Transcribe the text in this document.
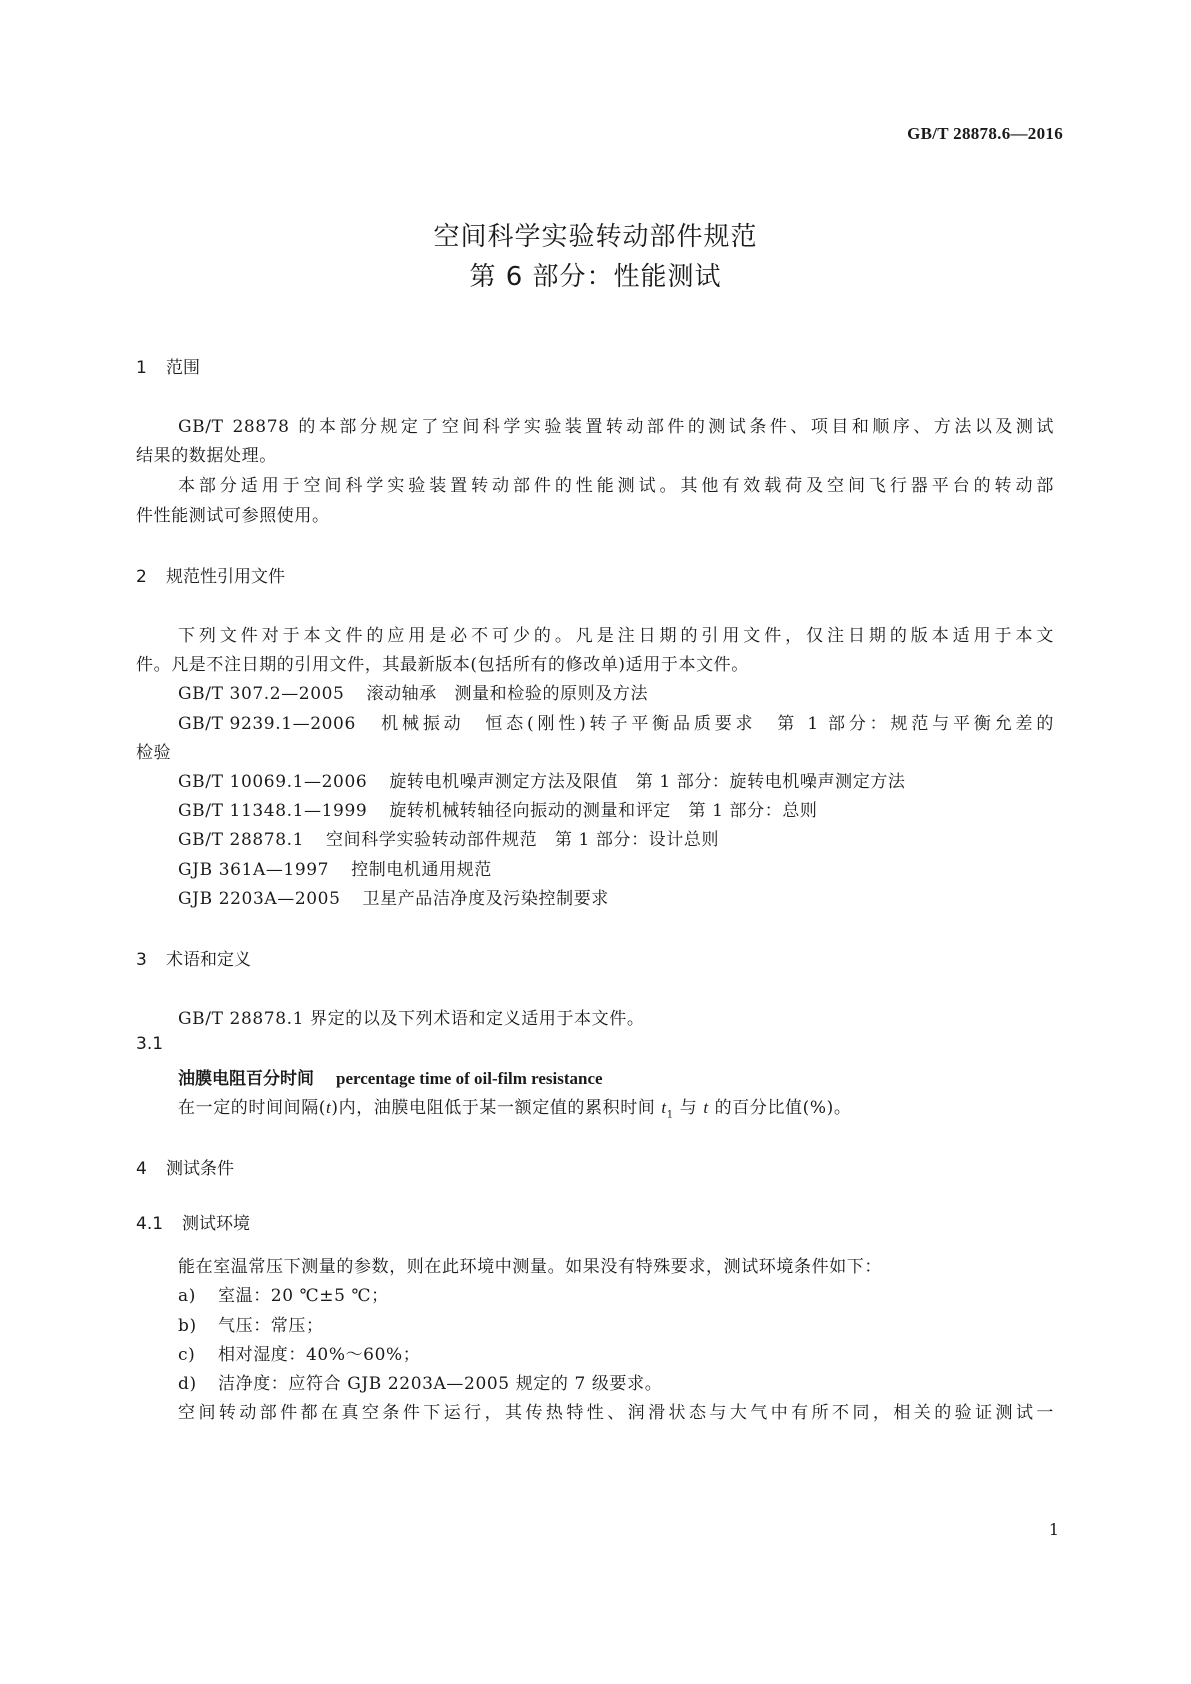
GB/T 28878.6—2016
空间科学实验转动部件规范
第 6 部分：性能测试
1 范围
GB/T 28878 的本部分规定了空间科学实验装置转动部件的测试条件、项目和顺序、方法以及测试
结果的数据处理。
本部分适用于空间科学实验装置转动部件的性能测试。其他有效载荷及空间飞行器平台的转动部
件性能测试可参照使用。
2 规范性引用文件
下列文件对于本文件的应用是必不可少的。凡是注日期的引用文件，仅注日期的版本适用于本文
件。凡是不注日期的引用文件，其最新版本(包括所有的修改单)适用于本文件。
GB/T 307.2—2005 滚动轴承　测量和检验的原则及方法
GB/T 9239.1—2006 机械振动　恒态(刚性)转子平衡品质要求　第 1 部分：规范与平衡允差的
检验
GB/T 10069.1—2006 旋转电机噪声测定方法及限值　第 1 部分：旋转电机噪声测定方法
GB/T 11348.1—1999 旋转机械转轴径向振动的测量和评定　第 1 部分：总则
GB/T 28878.1 空间科学实验转动部件规范　第 1 部分：设计总则
GJB 361A—1997 控制电机通用规范
GJB 2203A—2005 卫星产品洁净度及污染控制要求
3 术语和定义
GB/T 28878.1 界定的以及下列术语和定义适用于本文件。
3.1
油膜电阻百分时间 percentage time of oil-film resistance
在一定的时间间隔(t)内，油膜电阻低于某一额定值的累积时间 $t_1$ 与 t 的百分比值(%)。
4 测试条件
4.1 测试环境
能在室温常压下测量的参数，则在此环境中测量。如果没有特殊要求，测试环境条件如下：
a) 室温：20 ℃±5 ℃；
b) 气压：常压；
c) 相对湿度：40%～60%；
d) 洁净度：应符合 GJB 2203A—2005 规定的 7 级要求。
空间转动部件都在真空条件下运行，其传热特性、润滑状态与大气中有所不同，相关的验证测试一
1
